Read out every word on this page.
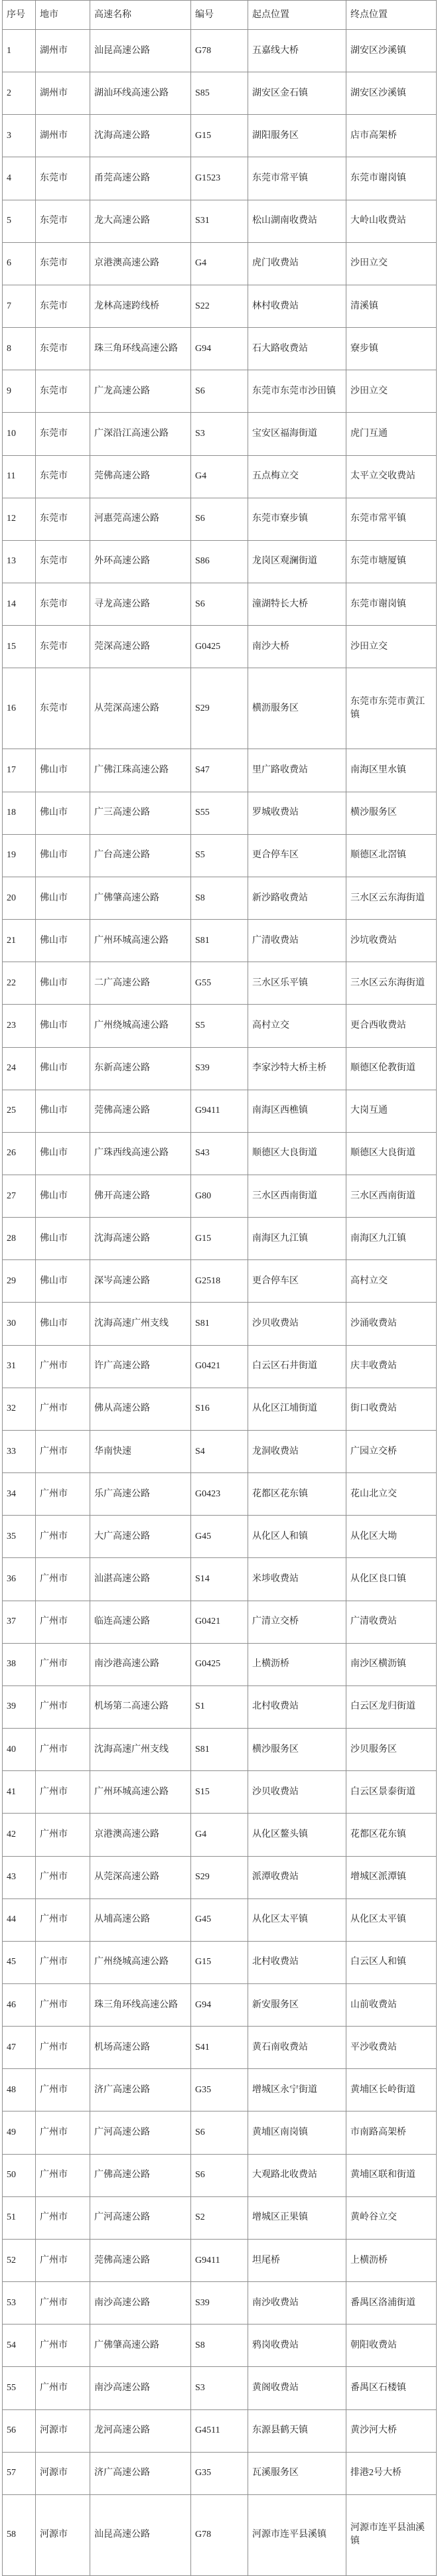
序号	地市	高速名称	编号	起点位置	终点位置
1	湖州市	汕昆高速公路	G78	五嘉线大桥	湖安区沙溪镇
2	湖州市	湖汕环线高速公路	S85	湖安区金石镇	湖安区沙溪镇
3	湖州市	沈海高速公路	G15	湖阳服务区	店市高架桥
4	东莞市	甬莞高速公路	G1523	东莞市常平镇	东莞市谢岗镇
5	东莞市	龙大高速公路	S31	松山湖南收费站	大岭山收费站
6	东莞市	京港澳高速公路	G4	虎门收费站	沙田立交
7	东莞市	龙林高速跨线桥	S22	林村收费站	清溪镇
8	东莞市	珠三角环线高速公路	G94	石大路收费站	寮步镇
9	东莞市	广龙高速公路	S6	东莞市东莞市沙田镇	沙田立交
10	东莞市	广深沿江高速公路	S3	宝安区福海街道	虎门互通
11	东莞市	莞佛高速公路	G4	五点梅立交	太平立交收费站
12	东莞市	河惠莞高速公路	S6	东莞市寮步镇	东莞市常平镇
13	东莞市	外环高速公路	S86	龙岗区观澜街道	东莞市塘厦镇
14	东莞市	寻龙高速公路	S6	潼湖特长大桥	东莞市谢岗镇
15	东莞市	莞深高速公路	G0425	南沙大桥	沙田立交
16	东莞市	从莞深高速公路	S29	横沥服务区	东莞市东莞市黄江镇
17	佛山市	广佛江珠高速公路	S47	里广路收费站	南海区里水镇
18	佛山市	广三高速公路	S55	罗城收费站	横沙服务区
19	佛山市	广台高速公路	S5	更合停车区	顺德区北滘镇
20	佛山市	广佛肇高速公路	S8	新沙路收费站	三水区云东海街道
21	佛山市	广州环城高速公路	S81	广清收费站	沙坑收费站
22	佛山市	二广高速公路	G55	三水区乐平镇	三水区云东海街道
23	佛山市	广州绕城高速公路	S5	高村立交	更合西收费站
24	佛山市	东新高速公路	S39	李家沙特大桥主桥	顺德区伦教街道
25	佛山市	莞佛高速公路	G9411	南海区西樵镇	大岗互通
26	佛山市	广珠西线高速公路	S43	顺德区大良街道	顺德区大良街道
27	佛山市	佛开高速公路	G80	三水区西南街道	三水区西南街道
28	佛山市	沈海高速公路	G15	南海区九江镇	南海区九江镇
29	佛山市	深岑高速公路	G2518	更合停车区	高村立交
30	佛山市	沈海高速广州支线	S81	沙贝收费站	沙涌收费站
31	广州市	许广高速公路	G0421	白云区石井街道	庆丰收费站
32	广州市	佛从高速公路	S16	从化区江埔街道	街口收费站
33	广州市	华南快速	S4	龙洞收费站	广园立交桥
34	广州市	乐广高速公路	G0423	花都区花东镇	花山北立交
35	广州市	大广高速公路	G45	从化区人和镇	从化区大坳
36	广州市	汕湛高速公路	S14	米埗收费站	从化区良口镇
37	广州市	临连高速公路	G0421	广清立交桥	广清收费站
38	广州市	南沙港高速公路	G0425	上横沥桥	南沙区横沥镇
39	广州市	机场第二高速公路	S1	北村收费站	白云区龙归街道
40	广州市	沈海高速广州支线	S81	横沙服务区	沙贝服务区
41	广州市	广州环城高速公路	S15	沙贝收费站	白云区景泰街道
42	广州市	京港澳高速公路	G4	从化区鳌头镇	花都区花东镇
43	广州市	从莞深高速公路	S29	派潭收费站	增城区派潭镇
44	广州市	从埔高速公路	G45	从化区太平镇	从化区太平镇
45	广州市	广州绕城高速公路	G15	北村收费站	白云区人和镇
46	广州市	珠三角环线高速公路	G94	新安服务区	山前收费站
47	广州市	机场高速公路	S41	黄石南收费站	平沙收费站
48	广州市	济广高速公路	G35	增城区永宁街道	黄埔区长岭街道
49	广州市	广河高速公路	S6	黄埔区南岗镇	市南路高架桥
50	广州市	广佛高速公路	S6	大观路北收费站	黄埔区联和街道
51	广州市	广河高速公路	S2	增城区正果镇	黄岭谷立交
52	广州市	莞佛高速公路	G9411	坦尾桥	上横沥桥
53	广州市	南沙高速公路	S39	南沙收费站	番禺区洛浦街道
54	广州市	广佛肇高速公路	S8	鸦岗收费站	朝阳收费站
55	广州市	南沙高速公路	S3	黄阁收费站	番禺区石楼镇
56	河源市	龙河高速公路	G4511	东源县鹤天镇	黄沙河大桥
57	河源市	济广高速公路	G35	瓦溪服务区	排港2号大桥
58	河源市	汕昆高速公路	G78	河源市连平县溪镇	河源市连平县油溪镇
